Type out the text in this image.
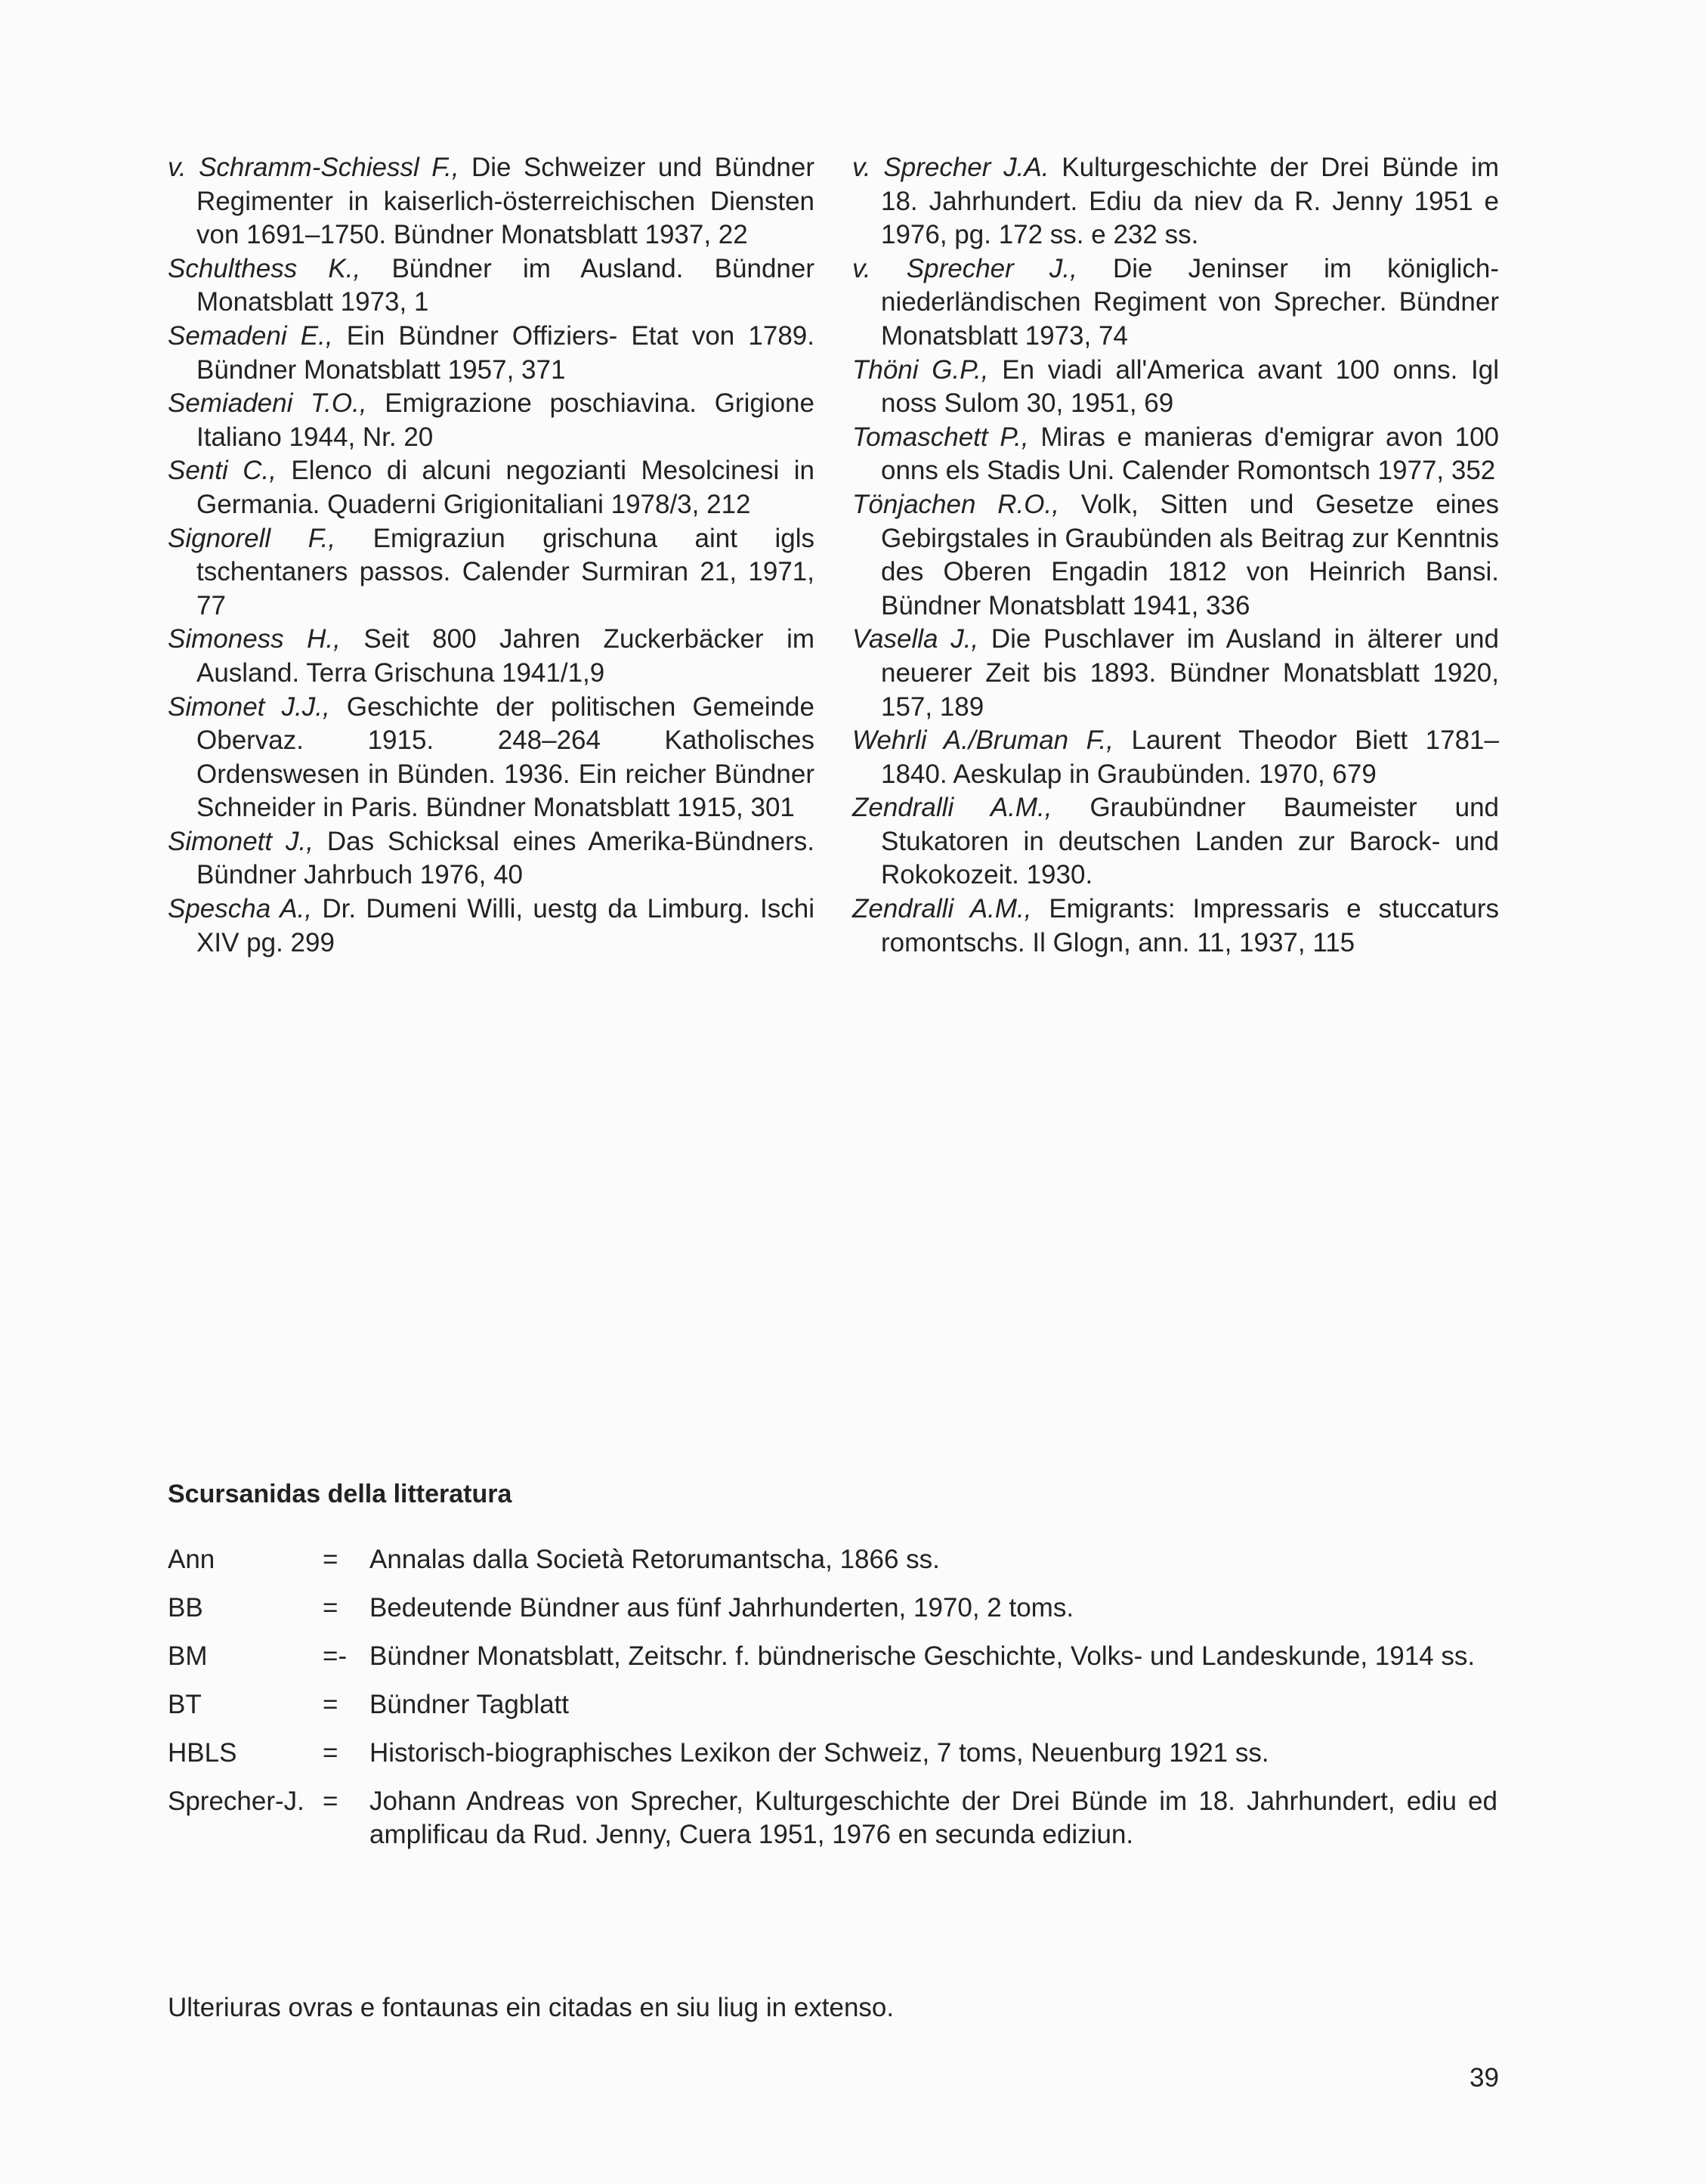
v. Schramm-Schiessl F., Die Schweizer und Bündner Regimenter in kaiserlich-österreichischen Diensten von 1691–1750. Bündner Monatsblatt 1937, 22
Schulthess K., Bündner im Ausland. Bündner Monatsblatt 1973, 1
Semadeni E., Ein Bündner Offiziers- Etat von 1789. Bündner Monatsblatt 1957, 371
Semiadeni T.O., Emigrazione poschiavina. Grigione Italiano 1944, Nr. 20
Senti C., Elenco di alcuni negozianti Mesolcinesi in Germania. Quaderni Grigionitaliani 1978/3, 212
Signorell F., Emigraziun grischuna aint igls tschentaners passos. Calender Surmiran 21, 1971, 77
Simoness H., Seit 800 Jahren Zuckerbäcker im Ausland. Terra Grischuna 1941/1,9
Simonet J.J., Geschichte der politischen Gemeinde Obervaz. 1915. 248–264 Katholisches Ordenswesen in Bünden. 1936. Ein reicher Bündner Schneider in Paris. Bündner Monatsblatt 1915, 301
Simonett J., Das Schicksal eines Amerika-Bündners. Bündner Jahrbuch 1976, 40
Spescha A., Dr. Dumeni Willi, uestg da Limburg. Ischi XIV pg. 299
v. Sprecher J.A. Kulturgeschichte der Drei Bünde im 18. Jahrhundert. Ediu da niev da R. Jenny 1951 e 1976, pg. 172 ss. e 232 ss.
v. Sprecher J., Die Jeninser im königlich-niederländischen Regiment von Sprecher. Bündner Monatsblatt 1973, 74
Thöni G.P., En viadi all'America avant 100 onns. Igl noss Sulom 30, 1951, 69
Tomaschett P., Miras e manieras d'emigrar avon 100 onns els Stadis Uni. Calender Romontsch 1977, 352
Tönjachen R.O., Volk, Sitten und Gesetze eines Gebirgstales in Graubünden als Beitrag zur Kenntnis des Oberen Engadin 1812 von Heinrich Bansi. Bündner Monatsblatt 1941, 336
Vasella J., Die Puschlaver im Ausland in älterer und neuerer Zeit bis 1893. Bündner Monatsblatt 1920, 157, 189
Wehrli A./Bruman F., Laurent Theodor Biett 1781–1840. Aeskulap in Graubünden. 1970, 679
Zendralli A.M., Graubündner Baumeister und Stukatoren in deutschen Landen zur Barock- und Rokokozeit. 1930.
Zendralli A.M., Emigrants: Impressaris e stuccaturs romontschs. Il Glogn, ann. 11, 1937, 115
Scursanidas della litteratura
Ann	=	Annalas dalla Società Retorumantscha, 1866 ss.
BB	=	Bedeutende Bündner aus fünf Jahrhunderten, 1970, 2 toms.
BM	=- Bündner Monatsblatt, Zeitschr. f. bündnerische Geschichte, Volks- und Landeskunde, 1914 ss.
BT	=	Bündner Tagblatt
HBLS	=	Historisch-biographisches Lexikon der Schweiz, 7 toms, Neuenburg 1921 ss.
Sprecher-J. =	Johann Andreas von Sprecher, Kulturgeschichte der Drei Bünde im 18. Jahrhundert, ediu ed amplificau da Rud. Jenny, Cuera 1951, 1976 en secunda ediziun.
Ulteriuras ovras e fontaunas ein citadas en siu liug in extenso.
39
